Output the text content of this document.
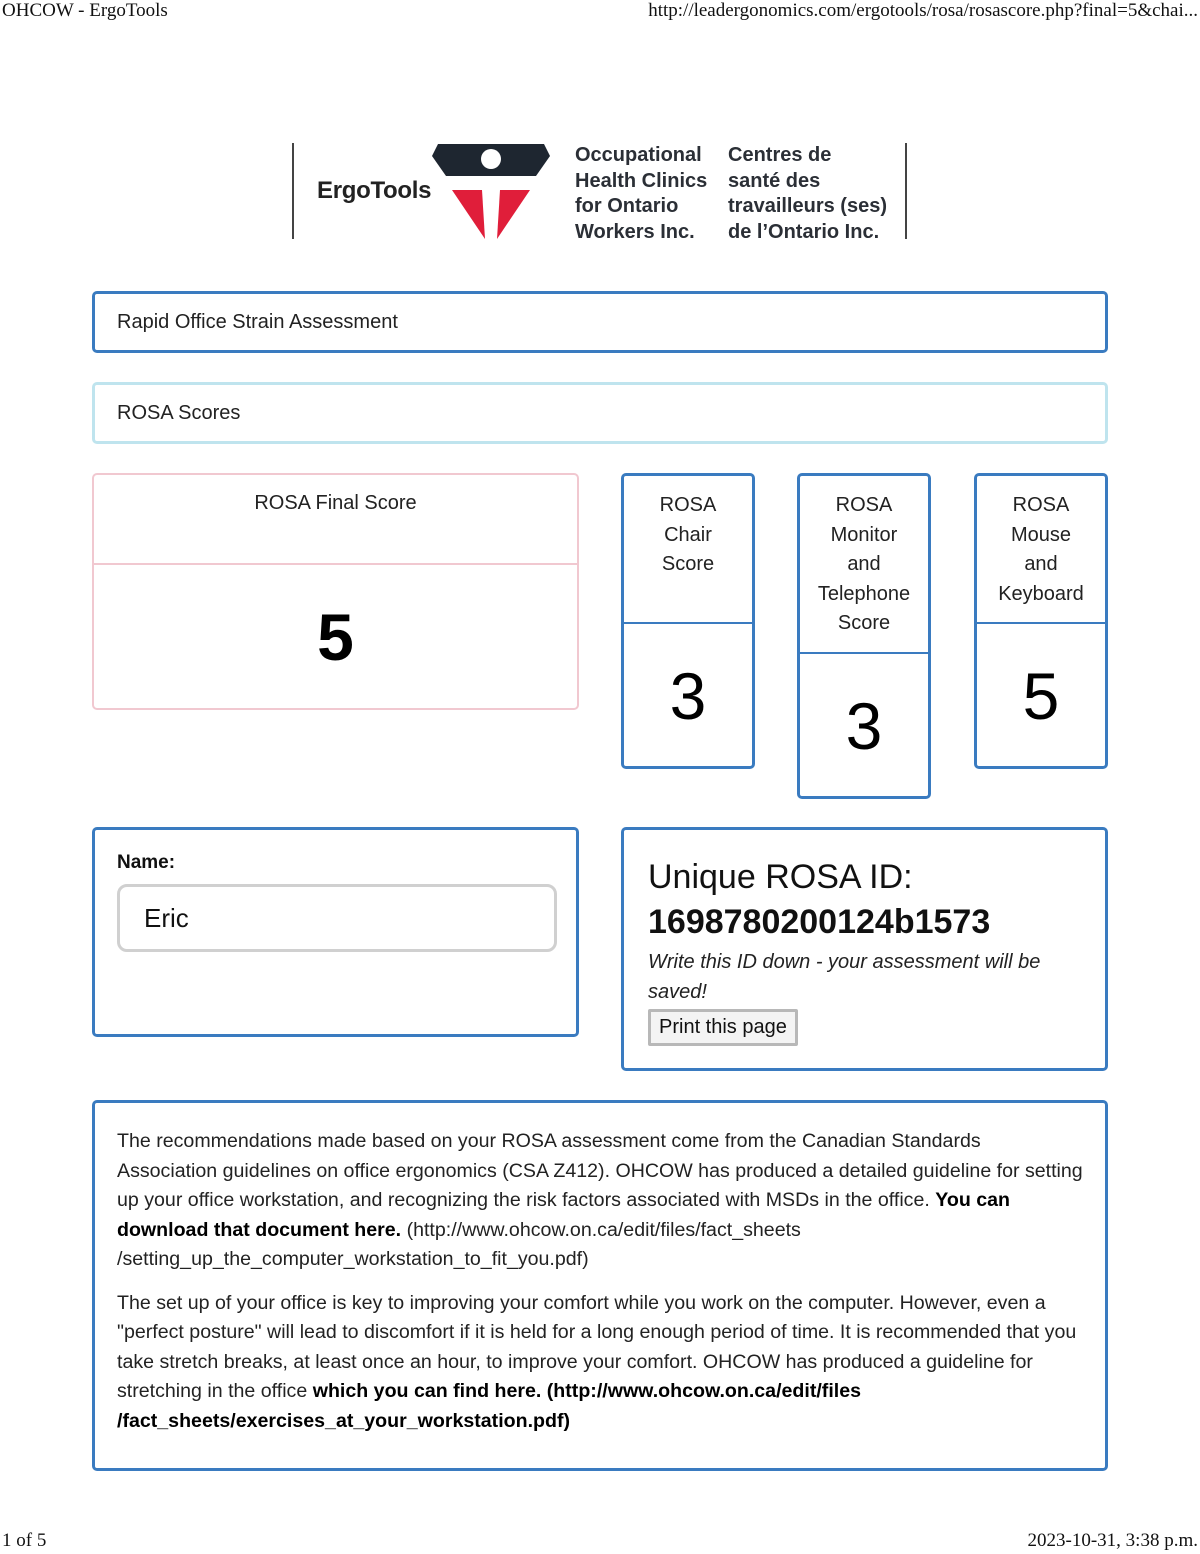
OHCOW - ErgoTools	http://leadergonomics.com/ergotools/rosa/rosascore.php?final=5&chai...
ErgoTools
Occupational
Health Clinics
for Ontario
Workers Inc.
Centres de
santé des
travailleurs (ses)
de l’Ontario Inc.
Rapid Office Strain Assessment
ROSA Scores
ROSA Final Score
5
ROSA
Chair
Score
3
ROSA
Monitor
and
Telephone
Score
3
ROSA
Mouse
and
Keyboard
5
Name:
Eric	Unique ROSA ID:
1698780200124b1573
Write this ID down - your assessment will be saved!
Print this page

The recommendations made based on your ROSA assessment come from the Canadian Standards Association guidelines on office ergonomics (CSA Z412). OHCOW has produced a detailed guideline for setting up your office workstation, and recognizing the risk factors associated with MSDs in the office. You can download that document here. (http://www.ohcow.on.ca/edit/files/fact_sheets /setting_up_the_computer_workstation_to_fit_you.pdf)

The set up of your office is key to improving your comfort while you work on the computer. However, even a "perfect posture" will lead to discomfort if it is held for a long enough period of time. It is recommended that you take stretch breaks, at least once an hour, to improve your comfort. OHCOW has produced a guideline for stretching in the office which you can find here. (http://www.ohcow.on.ca/edit/files /fact_sheets/exercises_at_your_workstation.pdf)

1 of 5	2023-10-31, 3:38 p.m.
